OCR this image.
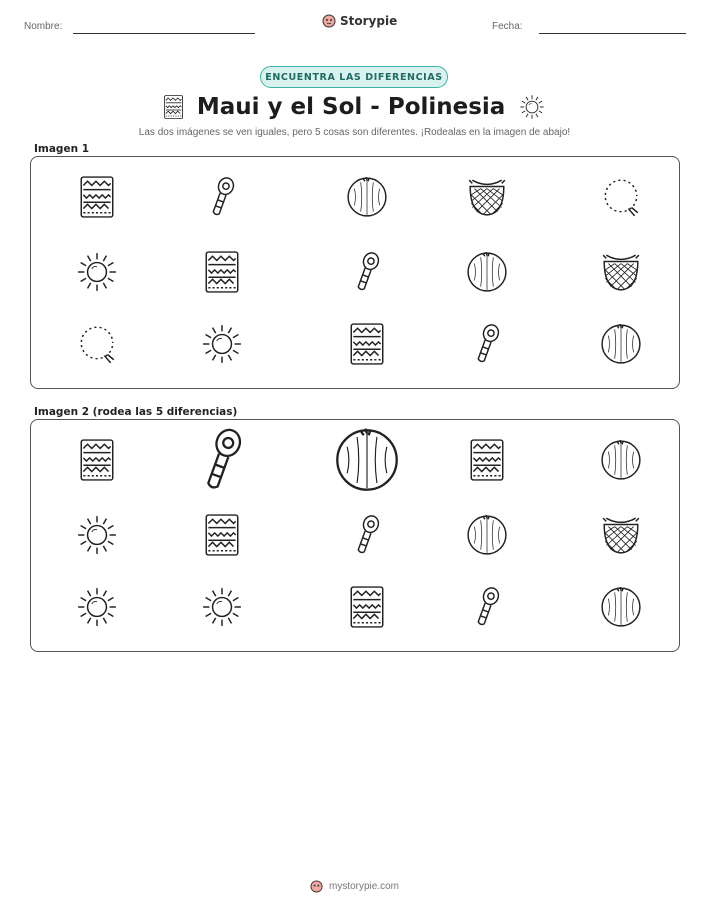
Nombre:	Storypie	Fecha:
ENCUENTRA LAS DIFERENCIAS
Maui y el Sol - Polinesia
Las dos imágenes se ven iguales, pero 5 cosas son diferentes. ¡Rodealas en la imagen de abajo!
Imagen 1
Imagen 2 (rodea las 5 diferencias)
mystorypie.com
